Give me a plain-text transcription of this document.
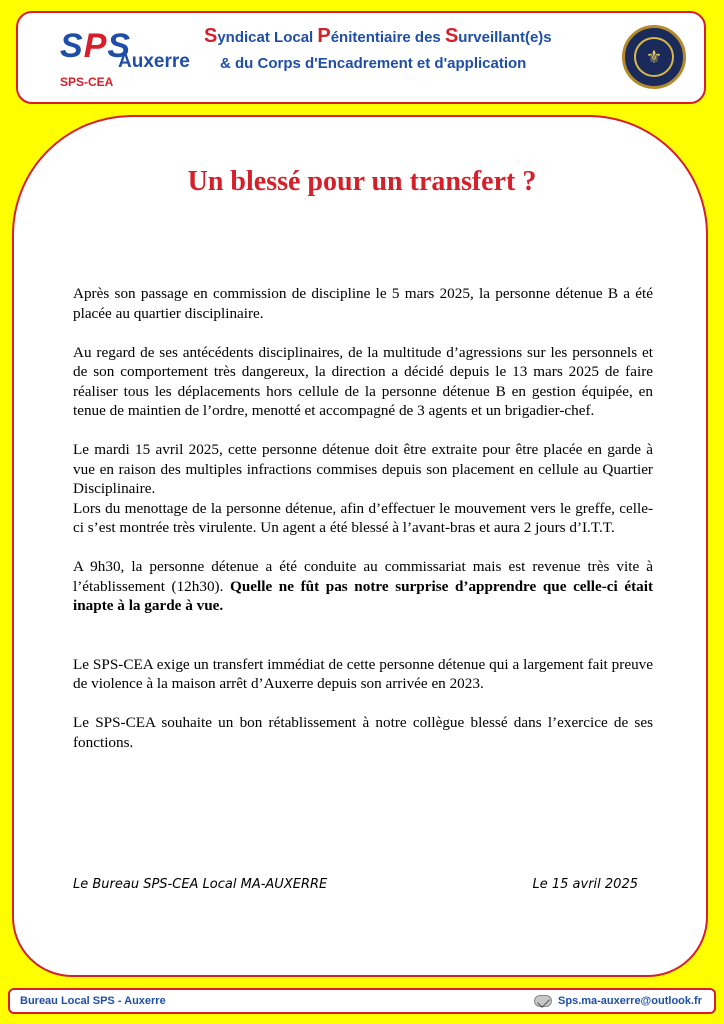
SPS
Auxerre
SPS-CEA
Syndicat Local Pénitentiaire des Surveillant(e)s
& du Corps d'Encadrement et d'application	⚜
Un blessé pour un transfert ?

Après son passage en commission de discipline le 5 mars 2025, la personne détenue B a été placée au quartier disciplinaire.

Au regard de ses antécédents disciplinaires, de la multitude d’agressions sur les personnels et de son comportement très dangereux, la direction a décidé depuis le 13 mars 2025 de faire réaliser tous les déplacements hors cellule de la personne détenue B en gestion équipée, en tenue de maintien de l’ordre, menotté et accompagné de 3 agents et un brigadier-chef.

Le mardi 15 avril 2025, cette personne détenue doit être extraite pour être placée en garde à vue en raison des multiples infractions commises depuis son placement en cellule au Quartier Disciplinaire.

Lors du menottage de la personne détenue, afin d’effectuer le mouvement vers le greffe, celle-ci s’est montrée très virulente. Un agent a été blessé à l’avant-bras et aura 2 jours d’I.T.T.

A 9h30, la personne détenue a été conduite au commissariat mais est revenue très vite à l’établissement (12h30). Quelle ne fût pas notre surprise d’apprendre que celle-ci était inapte à la garde à vue.

Le SPS-CEA exige un transfert immédiat de cette personne détenue qui a largement fait preuve de violence à la maison arrêt d’Auxerre depuis son arrivée en 2023.

Le SPS-CEA souhaite un bon rétablissement à notre collègue blessé dans l’exercice de ses fonctions.

Le Bureau SPS-CEA Local MA-AUXERRE	Le 15 avril 2025
Bureau Local SPS - Auxerre	Sps.ma-auxerre@outlook.fr
